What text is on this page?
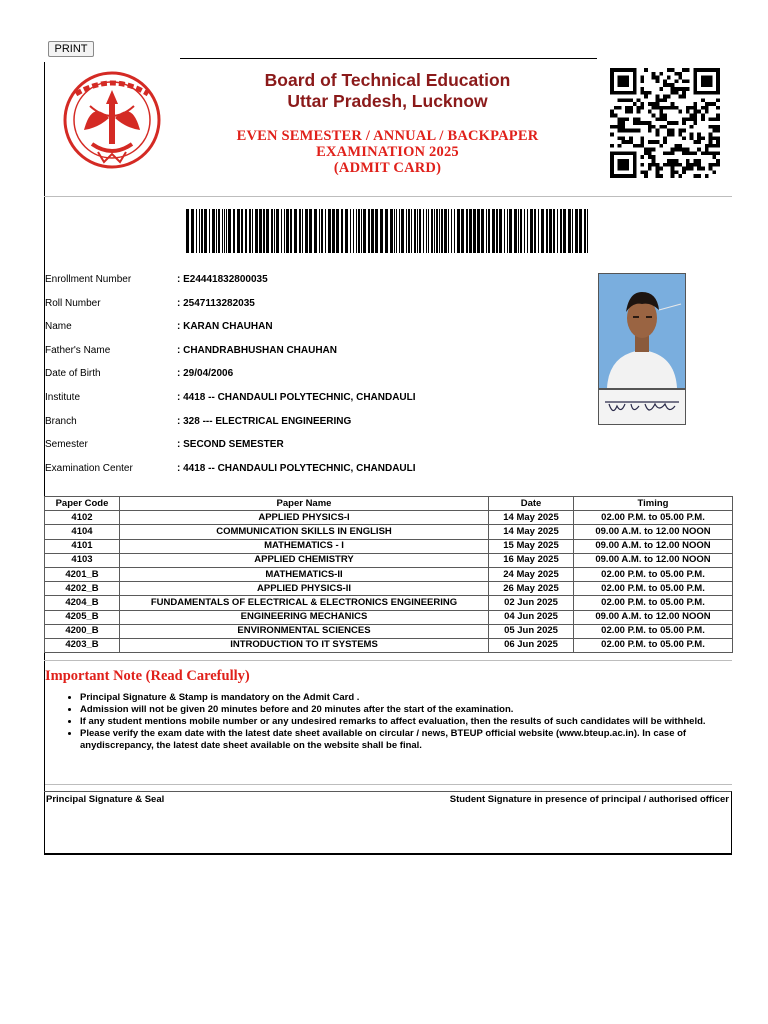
PRINT
Board of Technical Education
Uttar Pradesh, Lucknow
EVEN SEMESTER / ANNUAL / BACKPAPER
EXAMINATION 2025
(ADMIT CARD)
Enrollment Number	: E24441832800035
Roll Number	: 2547113282035
Name	: KARAN CHAUHAN
Father's Name	: CHANDRABHUSHAN CHAUHAN
Date of Birth	: 29/04/2006
Institute	: 4418 -- CHANDAULI POLYTECHNIC, CHANDAULI
Branch	: 328 --- ELECTRICAL ENGINEERING
Semester	: SECOND SEMESTER
Examination Center	: 4418 -- CHANDAULI POLYTECHNIC, CHANDAULI
Paper Code	Paper Name	Date	Timing
4102	APPLIED PHYSICS-I	14 May 2025	02.00 P.M. to 05.00 P.M.
4104	COMMUNICATION SKILLS IN ENGLISH	14 May 2025	09.00 A.M. to 12.00 NOON
4101	MATHEMATICS - I	15 May 2025	09.00 A.M. to 12.00 NOON
4103	APPLIED CHEMISTRY	16 May 2025	09.00 A.M. to 12.00 NOON
4201_B	MATHEMATICS-II	24 May 2025	02.00 P.M. to 05.00 P.M.
4202_B	APPLIED PHYSICS-II	26 May 2025	02.00 P.M. to 05.00 P.M.
4204_B	FUNDAMENTALS OF ELECTRICAL & ELECTRONICS ENGINEERING	02 Jun 2025	02.00 P.M. to 05.00 P.M.
4205_B	ENGINEERING MECHANICS	04 Jun 2025	09.00 A.M. to 12.00 NOON
4200_B	ENVIRONMENTAL SCIENCES	05 Jun 2025	02.00 P.M. to 05.00 P.M.
4203_B	INTRODUCTION TO IT SYSTEMS	06 Jun 2025	02.00 P.M. to 05.00 P.M.
Important Note (Read Carefully)
• Principal Signature & Stamp is mandatory on the Admit Card .
• Admission will not be given 20 minutes before and 20 minutes after the start of the examination.
• If any student mentions mobile number or any undesired remarks to affect evaluation, then the results of such candidates will be withheld.
• Please verify the exam date with the latest date sheet available on circular / news, BTEUP official website (www.bteup.ac.in). In case of anydiscrepancy, the latest date sheet available on the website shall be final.
Principal Signature & Seal	Student Signature in presence of principal / authorised officer
